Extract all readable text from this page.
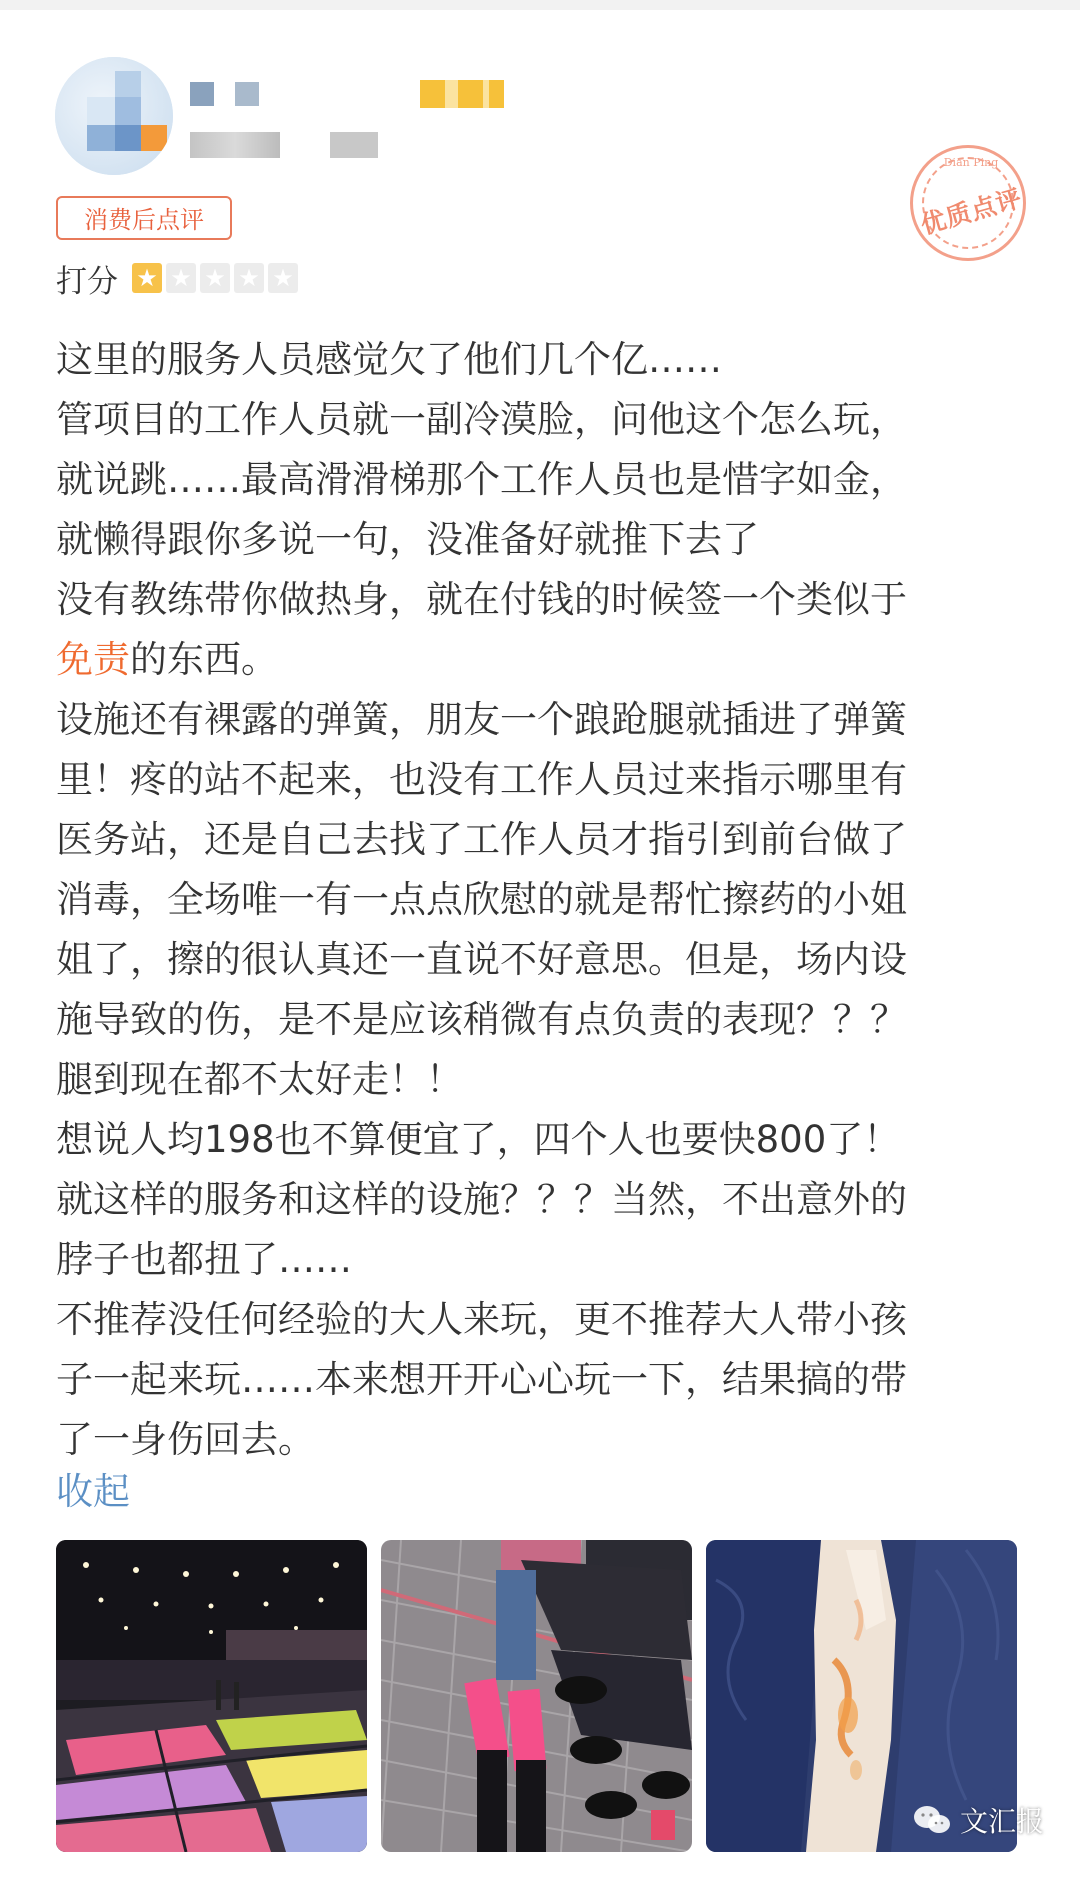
消费后点评
Dian Ping
优质点评
打分 ★ ★ ★ ★ ★
这里的服务人员感觉欠了他们几个亿……
管项目的工作人员就一副冷漠脸，问他这个怎么玩，
就说跳……最高滑滑梯那个工作人员也是惜字如金，
就懒得跟你多说一句，没准备好就推下去了
没有教练带你做热身，就在付钱的时候签一个类似于
免责的东西。
设施还有裸露的弹簧，朋友一个踉跄腿就插进了弹簧
里！疼的站不起来，也没有工作人员过来指示哪里有
医务站，还是自己去找了工作人员才指引到前台做了
消毒，全场唯一有一点点欣慰的就是帮忙擦药的小姐
姐了，擦的很认真还一直说不好意思。但是，场内设
施导致的伤，是不是应该稍微有点负责的表现？？？
腿到现在都不太好走！！
想说人均198也不算便宜了，四个人也要快800了！
就这样的服务和这样的设施？？？当然，不出意外的
脖子也都扭了……
不推荐没任何经验的大人来玩，更不推荐大人带小孩
子一起来玩……本来想开开心心玩一下，结果搞的带
了一身伤回去。
收起
文汇报
